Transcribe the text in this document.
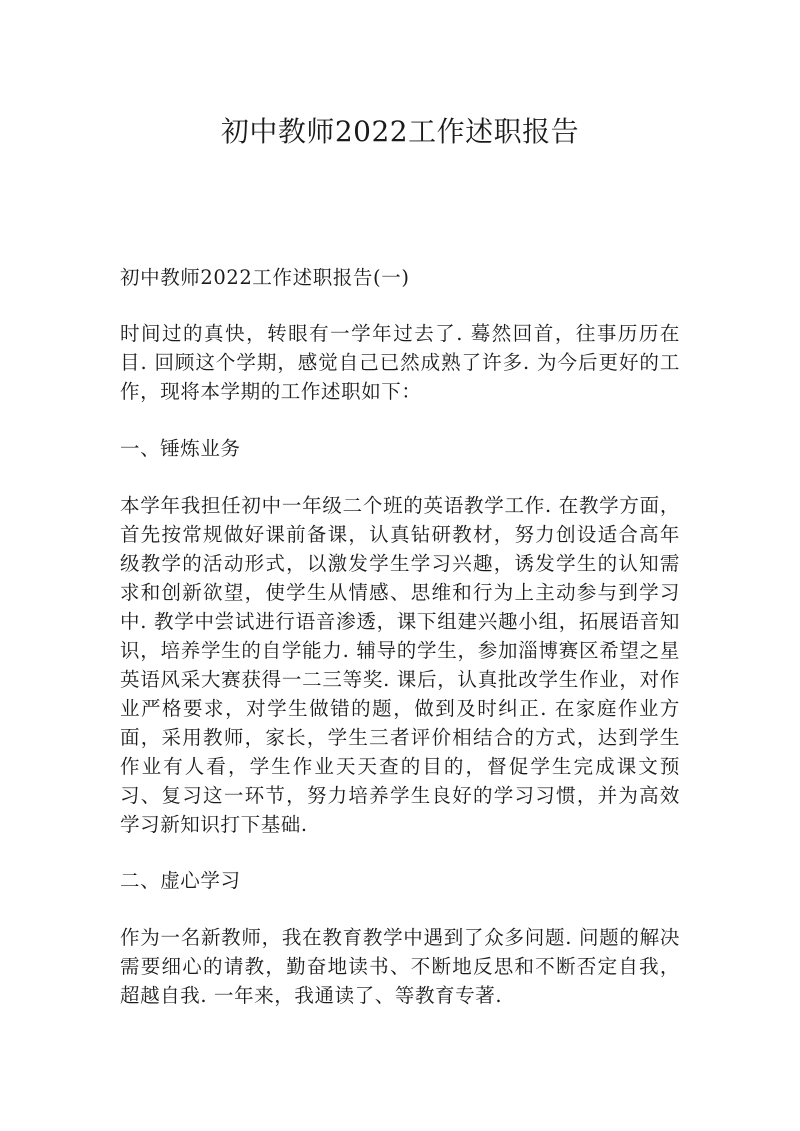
初中教师2022工作述职报告

初中教师2022工作述职报告(一)

时间过的真快，转眼有一学年过去了. 蓦然回首，往事历历在目. 回顾这个学期，感觉自己已然成熟了许多. 为今后更好的工作，现将本学期的工作述职如下：

一、锤炼业务

本学年我担任初中一年级二个班的英语教学工作. 在教学方面，首先按常规做好课前备课，认真钻研教材，努力创设适合高年级教学的活动形式，以激发学生学习兴趣，诱发学生的认知需求和创新欲望，使学生从情感、思维和行为上主动参与到学习中. 教学中尝试进行语音渗透，课下组建兴趣小组，拓展语音知识，培养学生的自学能力. 辅导的学生，参加淄博赛区希望之星英语风采大赛获得一二三等奖. 课后，认真批改学生作业，对作业严格要求，对学生做错的题，做到及时纠正. 在家庭作业方面，采用教师，家长，学生三者评价相结合的方式，达到学生作业有人看，学生作业天天查的目的，督促学生完成课文预习、复习这一环节，努力培养学生良好的学习习惯，并为高效学习新知识打下基础.

二、虚心学习

作为一名新教师，我在教育教学中遇到了众多问题. 问题的解决需要细心的请教，勤奋地读书、不断地反思和不断否定自我，超越自我. 一年来，我通读了、等教育专著.
